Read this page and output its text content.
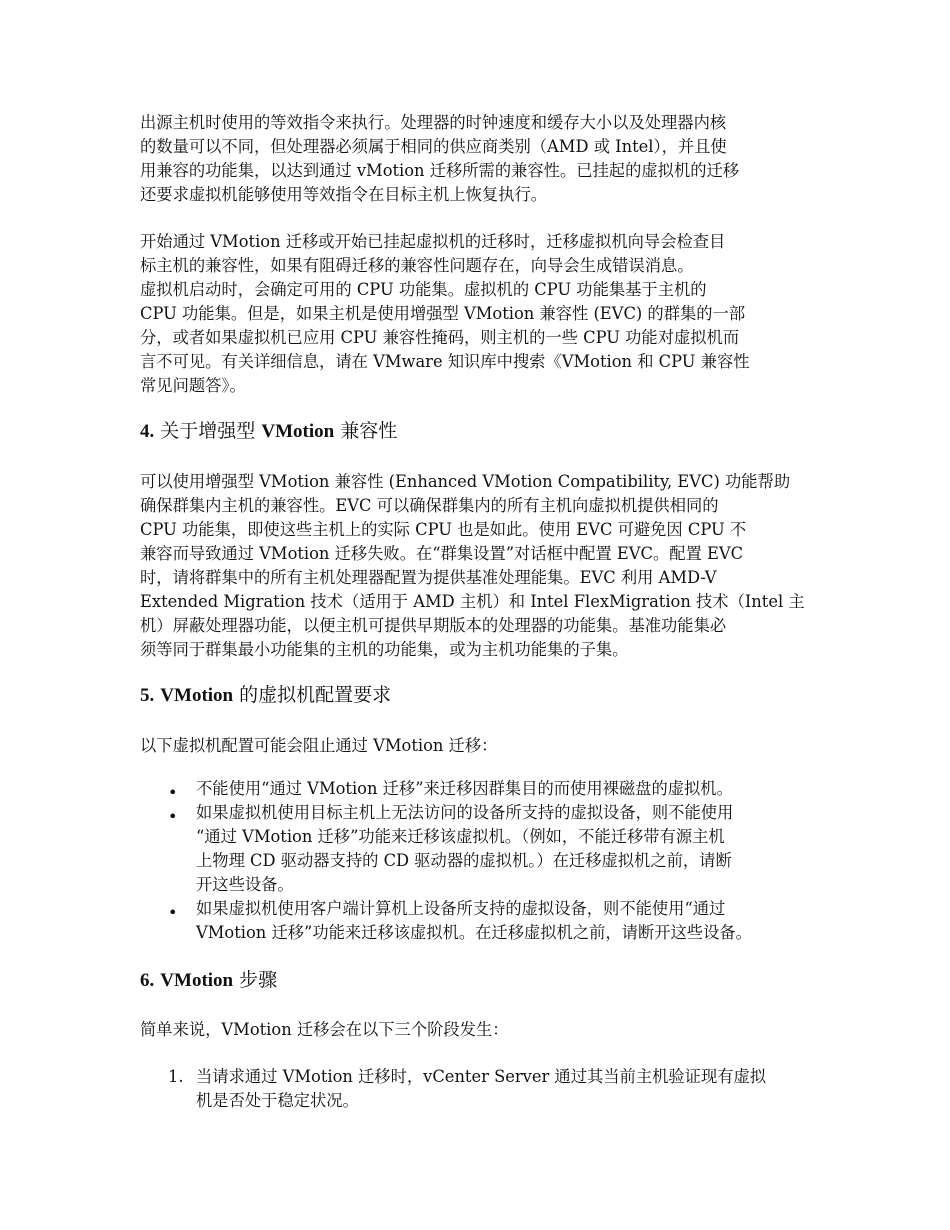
出源主机时使用的等效指令来执行。处理器的时钟速度和缓存大小以及处理器内核
的数量可以不同，但处理器必须属于相同的供应商类别（AMD 或 Intel），并且使
用兼容的功能集，以达到通过 vMotion 迁移所需的兼容性。已挂起的虚拟机的迁移
还要求虚拟机能够使用等效指令在目标主机上恢复执行。
开始通过 VMotion 迁移或开始已挂起虚拟机的迁移时，迁移虚拟机向导会检查目
标主机的兼容性，如果有阻碍迁移的兼容性问题存在，向导会生成错误消息。
虚拟机启动时，会确定可用的 CPU 功能集。虚拟机的 CPU 功能集基于主机的
CPU 功能集。但是，如果主机是使用增强型 VMotion 兼容性 (EVC) 的群集的一部
分，或者如果虚拟机已应用 CPU 兼容性掩码，则主机的一些 CPU 功能对虚拟机而
言不可见。有关详细信息，请在 VMware 知识库中搜索《VMotion 和 CPU 兼容性
常见问题答》。
4. 关于增强型 VMotion 兼容性
可以使用增强型 VMotion 兼容性 (Enhanced VMotion Compatibility, EVC) 功能帮助
确保群集内主机的兼容性。EVC 可以确保群集内的所有主机向虚拟机提供相同的
CPU 功能集，即使这些主机上的实际 CPU 也是如此。使用 EVC 可避免因 CPU 不
兼容而导致通过 VMotion 迁移失败。在“群集设置”对话框中配置 EVC。配置 EVC
时，请将群集中的所有主机处理器配置为提供基准处理能集。EVC 利用 AMD-V
Extended Migration 技术（适用于 AMD 主机）和 Intel FlexMigration 技术（Intel 主
机）屏蔽处理器功能，以便主机可提供早期版本的处理器的功能集。基准功能集必
须等同于群集最小功能集的主机的功能集，或为主机功能集的子集。
5. VMotion 的虚拟机配置要求
以下虚拟机配置可能会阻止通过 VMotion 迁移：
• 不能使用“通过 VMotion 迁移”来迁移因群集目的而使用裸磁盘的虚拟机。
• 如果虚拟机使用目标主机上无法访问的设备所支持的虚拟设备，则不能使用
“通过 VMotion 迁移”功能来迁移该虚拟机。（例如，不能迁移带有源主机
上物理 CD 驱动器支持的 CD 驱动器的虚拟机。）在迁移虚拟机之前，请断
开这些设备。
• 如果虚拟机使用客户端计算机上设备所支持的虚拟设备，则不能使用“通过
VMotion 迁移”功能来迁移该虚拟机。在迁移虚拟机之前，请断开这些设备。
6. VMotion 步骤
简单来说，VMotion 迁移会在以下三个阶段发生：
1. 当请求通过 VMotion 迁移时，vCenter Server 通过其当前主机验证现有虚拟
机是否处于稳定状况。
